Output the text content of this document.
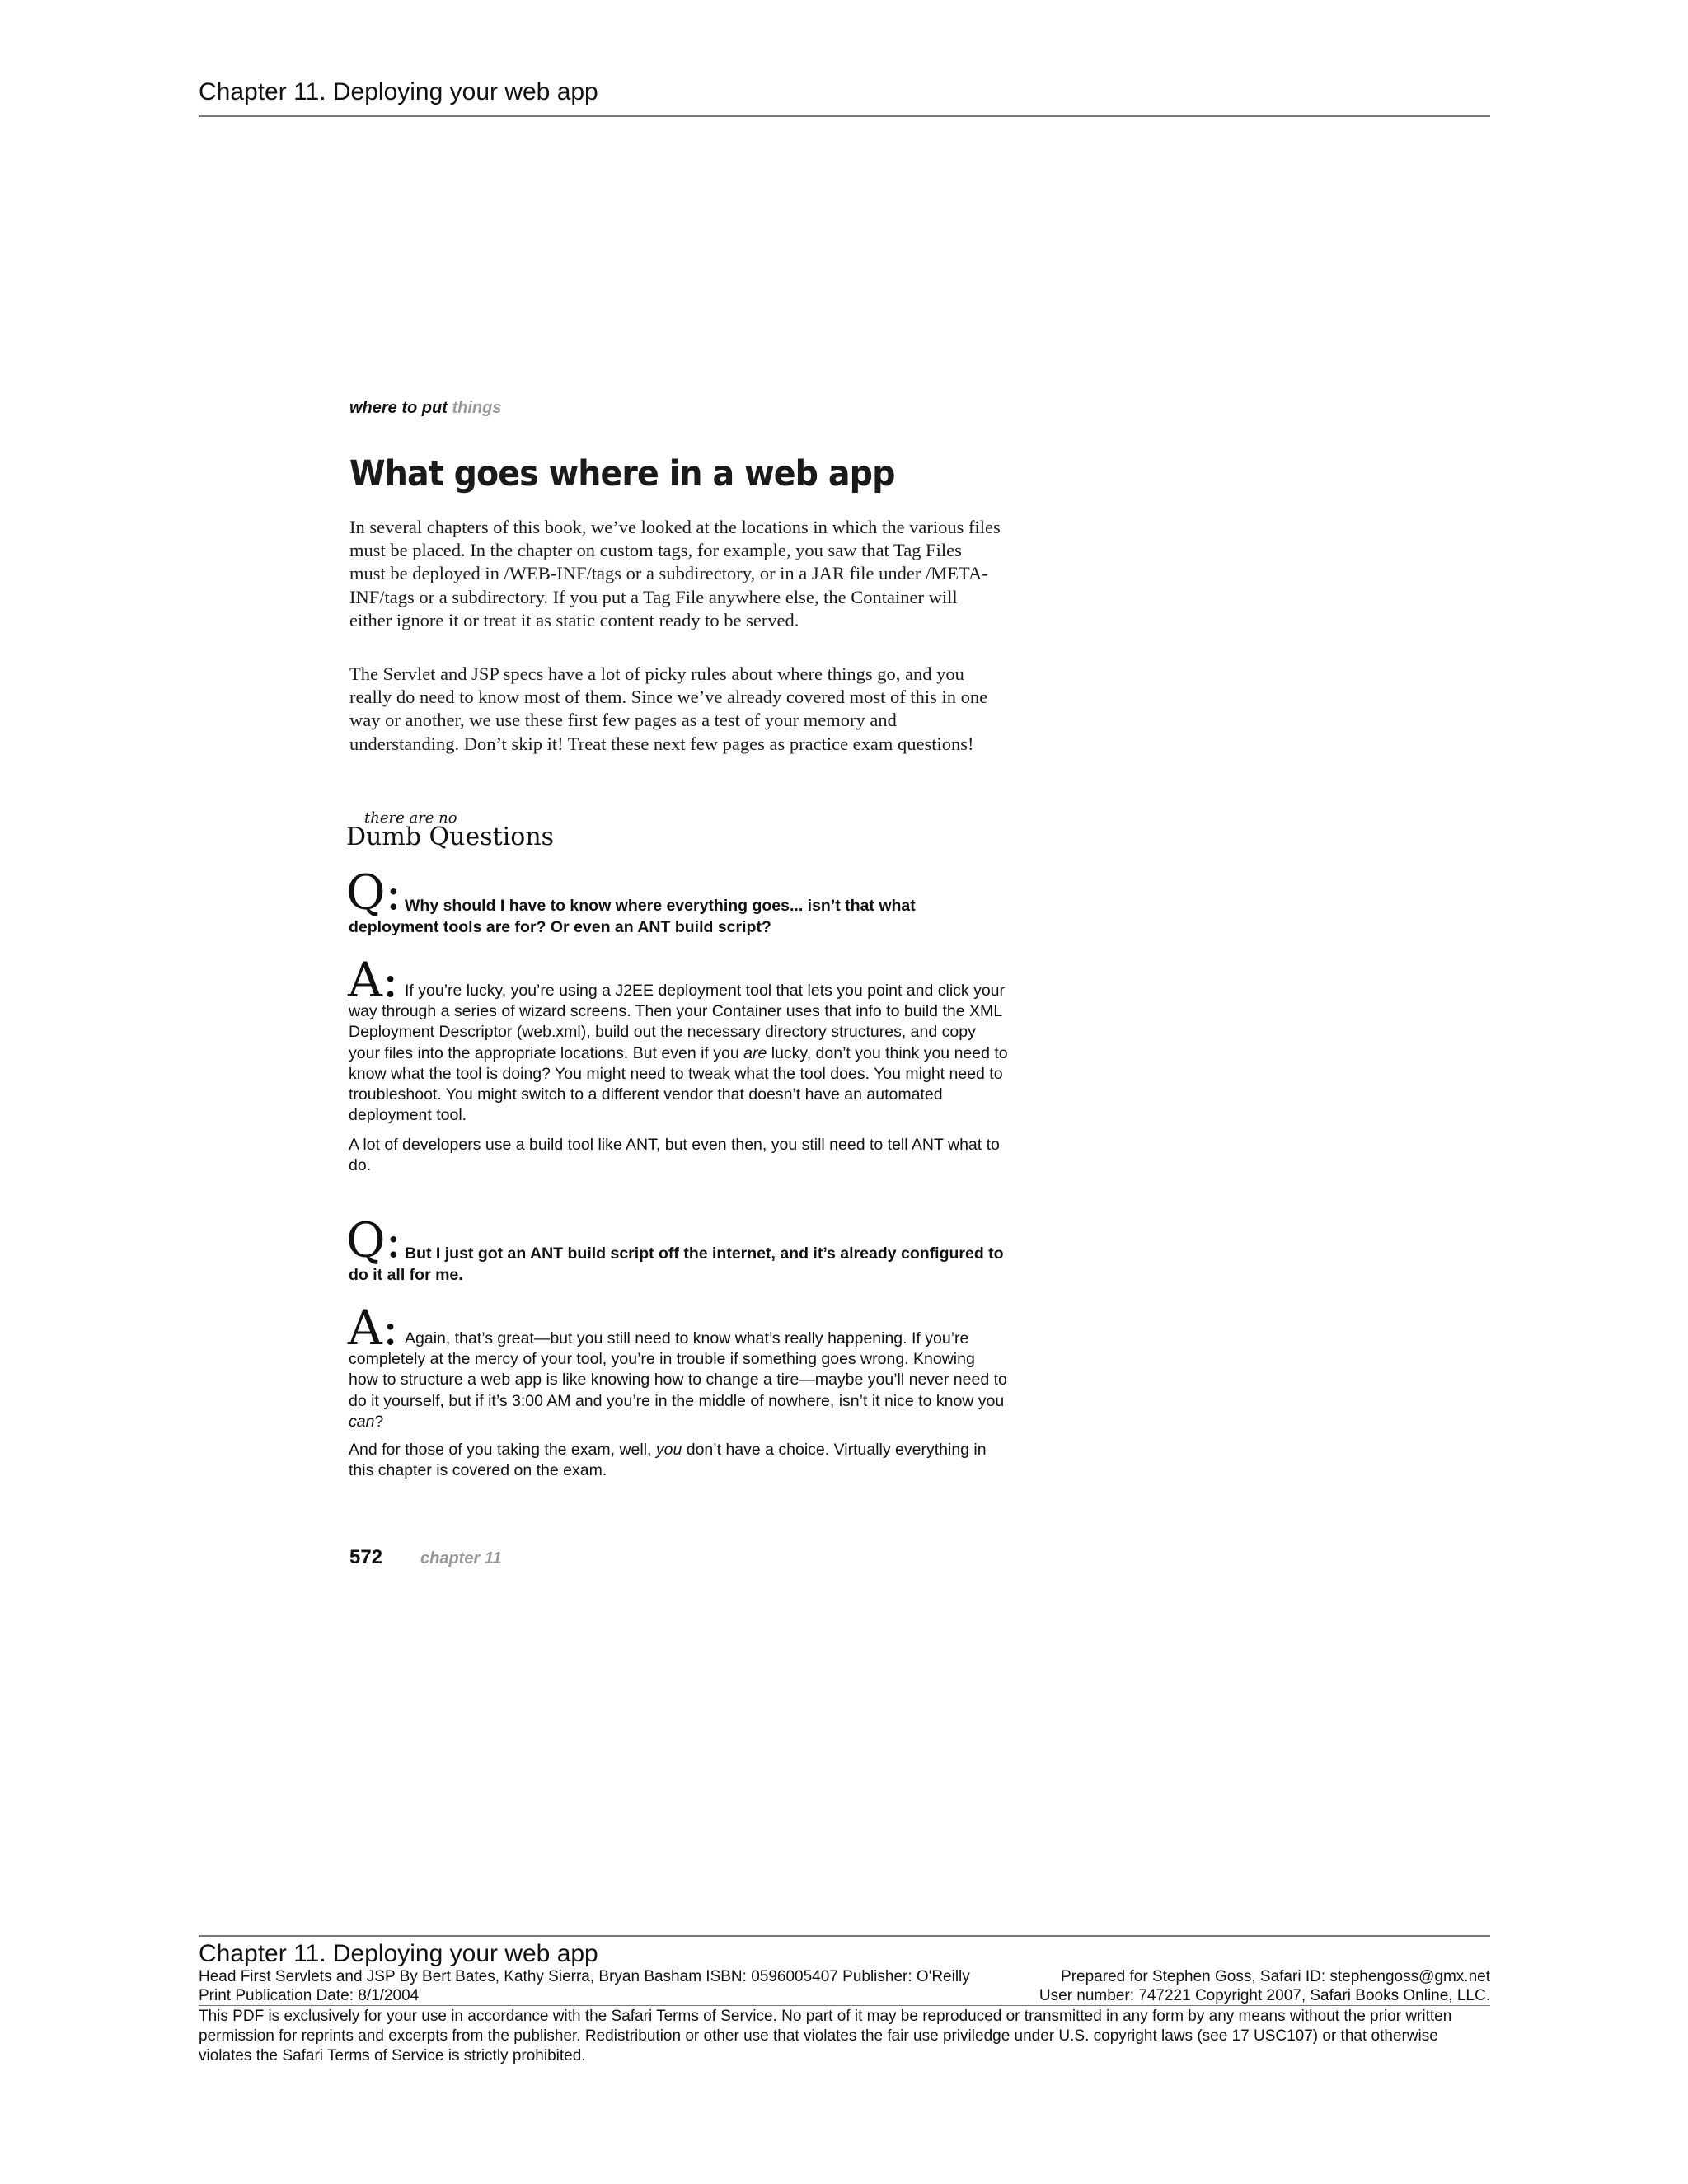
Chapter 11. Deploying your web app
where to put things
What goes where in a web app

In several chapters of this book, we’ve looked at the locations in which the various files must be placed. In the chapter on custom tags, for example, you saw that Tag Files must be deployed in /WEB-INF/tags or a subdirectory, or in a JAR file under /META-INF/tags or a subdirectory. If you put a Tag File anywhere else, the Container will either ignore it or treat it as static content ready to be served.

The Servlet and JSP specs have a lot of picky rules about where things go, and you really do need to know most of them. Since we’ve already covered most of this in one way or another, we use these first few pages as a test of your memory and understanding. Don’t skip it! Treat these next few pages as practice exam questions!

there are no
Dumb Questions
Q: Why should I have to know where everything goes... isn’t that what deployment tools are for? Or even an ANT build script?

A: If you’re lucky, you’re using a J2EE deployment tool that lets you point and click your way through a series of wizard screens. Then your Container uses that info to build the XML Deployment Descriptor (web.xml), build out the necessary directory structures, and copy your files into the appropriate locations. But even if you are lucky, don’t you think you need to know what the tool is doing? You might need to tweak what the tool does. You might need to troubleshoot. You might switch to a different vendor that doesn’t have an automated deployment tool.

A lot of developers use a build tool like ANT, but even then, you still need to tell ANT what to do.

Q: But I just got an ANT build script off the internet, and it’s already configured to do it all for me.

A: Again, that’s great—but you still need to know what’s really happening. If you’re completely at the mercy of your tool, you’re in trouble if something goes wrong. Knowing how to structure a web app is like knowing how to change a tire—maybe you’ll never need to do it yourself, but if it’s 3:00 AM and you’re in the middle of nowhere, isn’t it nice to know you can?

And for those of you taking the exam, well, you don’t have a choice. Virtually everything in this chapter is covered on the exam.

572 chapter 11
Chapter 11. Deploying your web app
Head First Servlets and JSP By Bert Bates, Kathy Sierra, Bryan Basham ISBN: 0596005407 Publisher: O'Reilly	Prepared for Stephen Goss, Safari ID: stephengoss@gmx.net
Print Publication Date: 8/1/2004	User number: 747221 Copyright 2007, Safari Books Online, LLC.

This PDF is exclusively for your use in accordance with the Safari Terms of Service. No part of it may be reproduced or transmitted in any form by any means without the prior written permission for reprints and excerpts from the publisher. Redistribution or other use that violates the fair use priviledge under U.S. copyright laws (see 17 USC107) or that otherwise violates the Safari Terms of Service is strictly prohibited.
